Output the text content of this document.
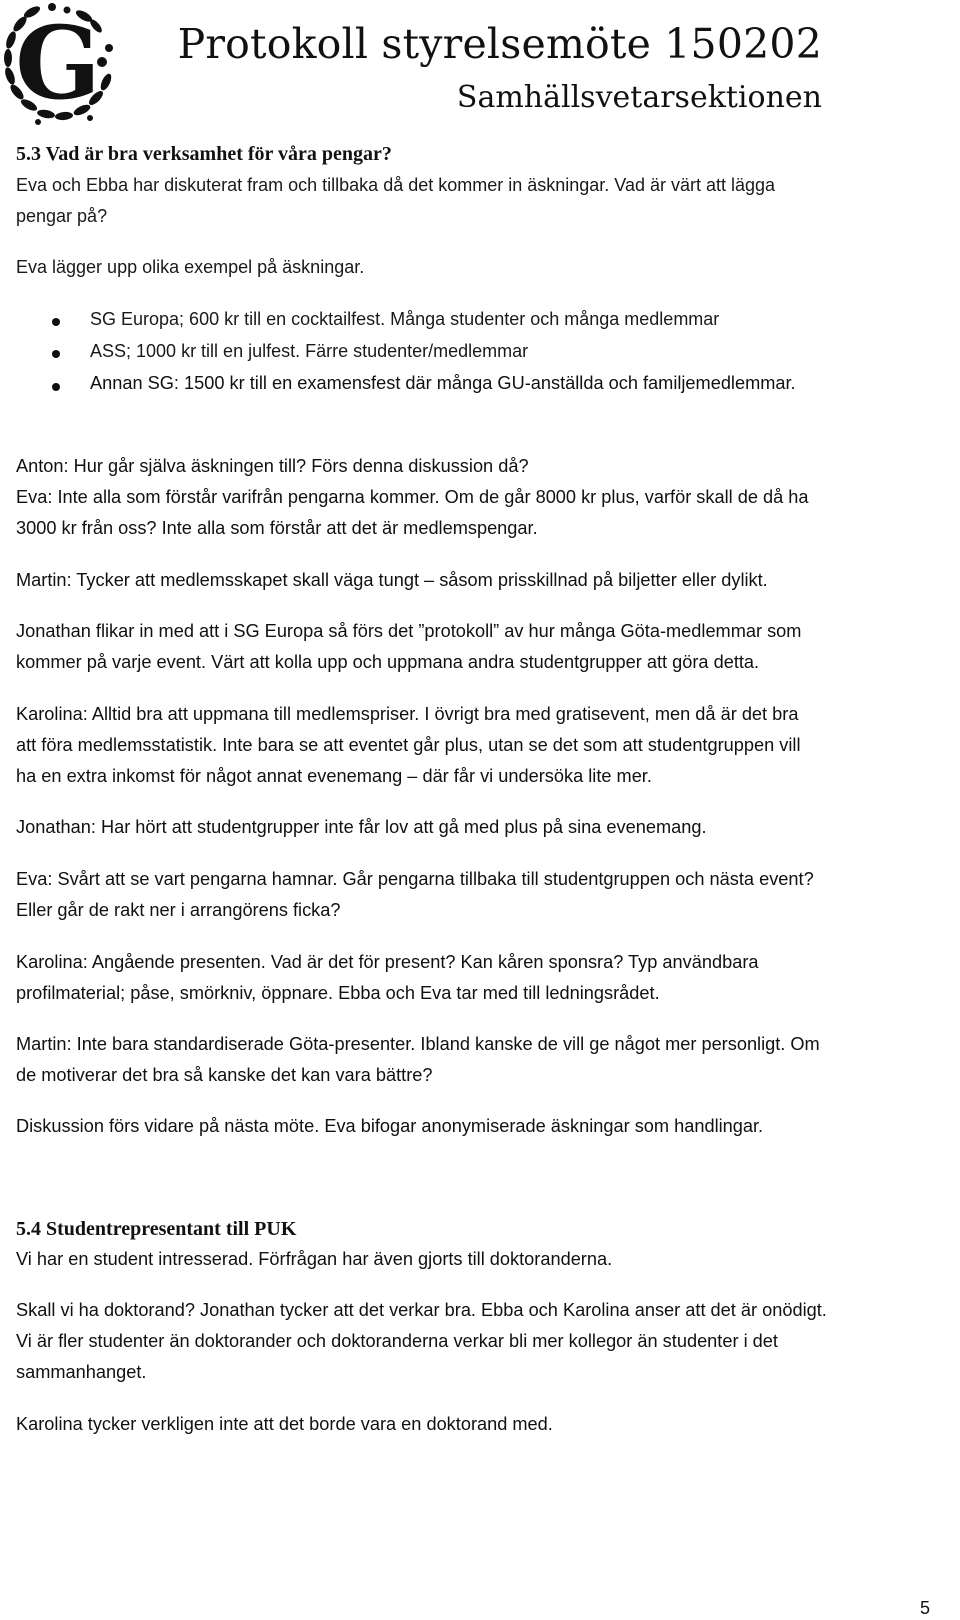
G	Protokoll styrelsemöte 150202
Samhällsvetarsektionen
5.3 Vad är bra verksamhet för våra pengar?
Eva och Ebba har diskuterat fram och tillbaka då det kommer in äskningar. Vad är värt att lägga
pengar på?
Eva lägger upp olika exempel på äskningar.
SG Europa; 600 kr till en cocktailfest. Många studenter och många medlemmar
ASS; 1000 kr till en julfest. Färre studenter/medlemmar
Annan SG: 1500 kr till en examensfest där många GU-anställda och familjemedlemmar.
Anton: Hur går själva äskningen till? Förs denna diskussion då?
Eva: Inte alla som förstår varifrån pengarna kommer. Om de går 8000 kr plus, varför skall de då ha
3000 kr från oss? Inte alla som förstår att det är medlemspengar.
Martin: Tycker att medlemsskapet skall väga tungt – såsom prisskillnad på biljetter eller dylikt.
Jonathan flikar in med att i SG Europa så förs det ”protokoll” av hur många Göta-medlemmar som
kommer på varje event. Värt att kolla upp och uppmana andra studentgrupper att göra detta.
Karolina: Alltid bra att uppmana till medlemspriser. I övrigt bra med gratisevent, men då är det bra
att föra medlemsstatistik. Inte bara se att eventet går plus, utan se det som att studentgruppen vill
ha en extra inkomst för något annat evenemang – där får vi undersöka lite mer.
Jonathan: Har hört att studentgrupper inte får lov att gå med plus på sina evenemang.
Eva: Svårt att se vart pengarna hamnar. Går pengarna tillbaka till studentgruppen och nästa event?
Eller går de rakt ner i arrangörens ficka?
Karolina: Angående presenten. Vad är det för present? Kan kåren sponsra? Typ användbara
profilmaterial; påse, smörkniv, öppnare. Ebba och Eva tar med till ledningsrådet.
Martin: Inte bara standardiserade Göta-presenter. Ibland kanske de vill ge något mer personligt. Om
de motiverar det bra så kanske det kan vara bättre?
Diskussion förs vidare på nästa möte. Eva bifogar anonymiserade äskningar som handlingar.
5.4 Studentrepresentant till PUK
Vi har en student intresserad. Förfrågan har även gjorts till doktoranderna.
Skall vi ha doktorand? Jonathan tycker att det verkar bra. Ebba och Karolina anser att det är onödigt.
Vi är fler studenter än doktorander och doktoranderna verkar bli mer kollegor än studenter i det
sammanhanget.
Karolina tycker verkligen inte att det borde vara en doktorand med.
5
